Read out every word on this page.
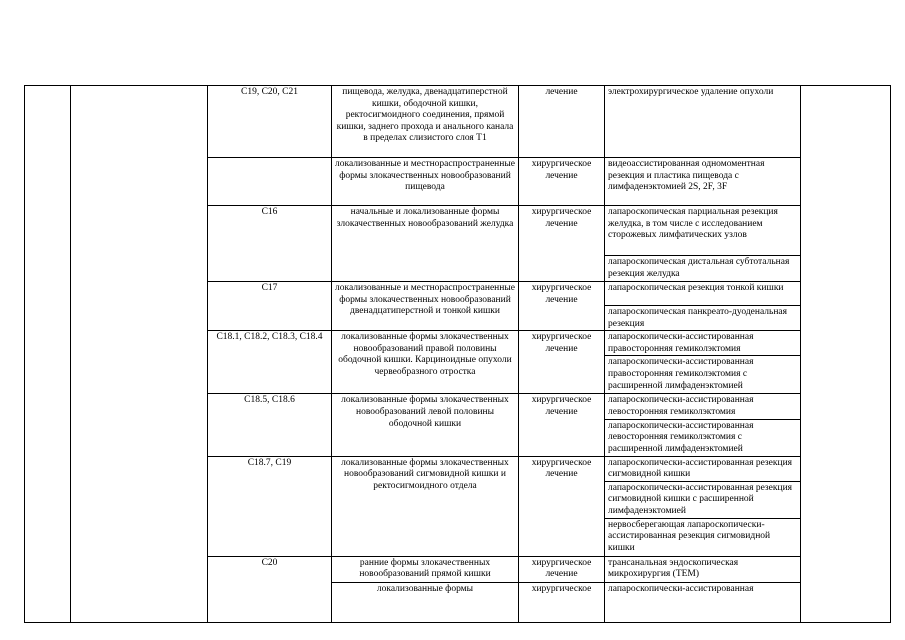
		C19, C20, C21	пищевода, желудка, двенадцатиперстной кишки, ободочной кишки, ректосигмоидного соединения, прямой кишки, заднего прохода и анального канала в пределах слизистого слоя T1	лечение	электрохирургическое удаление опухоли	
			локализованные и местнораспространенные формы злокачественных новообразований пищевода	хирургическое лечение	видеоассистированная одномоментная резекция и пластика пищевода с лимфаденэктомией 2S, 2F, 3F	
		C16	начальные и локализованные формы злокачественных новообразований желудка	хирургическое лечение	лапароскопическая парциальная резекция желудка, в том числе с исследованием сторожевых лимфатических узлов	
					лапароскопическая дистальная субтотальная резекция желудка	
		C17	локализованные и местнораспространенные формы злокачественных новообразований двенадцатиперстной и тонкой кишки	хирургическое лечение	лапароскопическая резекция тонкой кишки	
					лапароскопическая панкреато-дуоденальная резекция	
		C18.1, C18.2, C18.3, C18.4	локализованные формы злокачественных новообразований правой половины ободочной кишки. Карциноидные опухоли червеобразного отростка	хирургическое лечение	лапароскопически-ассистированная правосторонняя гемиколэктомия	
					лапароскопически-ассистированная правосторонняя гемиколэктомия с расширенной лимфаденэктомией	
		C18.5, C18.6	локализованные формы злокачественных новообразований левой половины ободочной кишки	хирургическое лечение	лапароскопически-ассистированная левосторонняя гемиколэктомия	
					лапароскопически-ассистированная левосторонняя гемиколэктомия с расширенной лимфаденэктомией	
		C18.7, C19	локализованные формы злокачественных новообразований сигмовидной кишки и ректосигмоидного отдела	хирургическое лечение	лапароскопически-ассистированная резекция сигмовидной кишки	
					лапароскопически-ассистированная резекция сигмовидной кишки с расширенной лимфаденэктомией	
					нервосберегающая лапароскопически-ассистированная резекция сигмовидной кишки	
		C20	ранние формы злокачественных новообразований прямой кишки	хирургическое лечение	трансанальная эндоскопическая микрохирургия (ТЕМ)	
			локализованные формы	хирургическое	лапароскопически-ассистированная	
